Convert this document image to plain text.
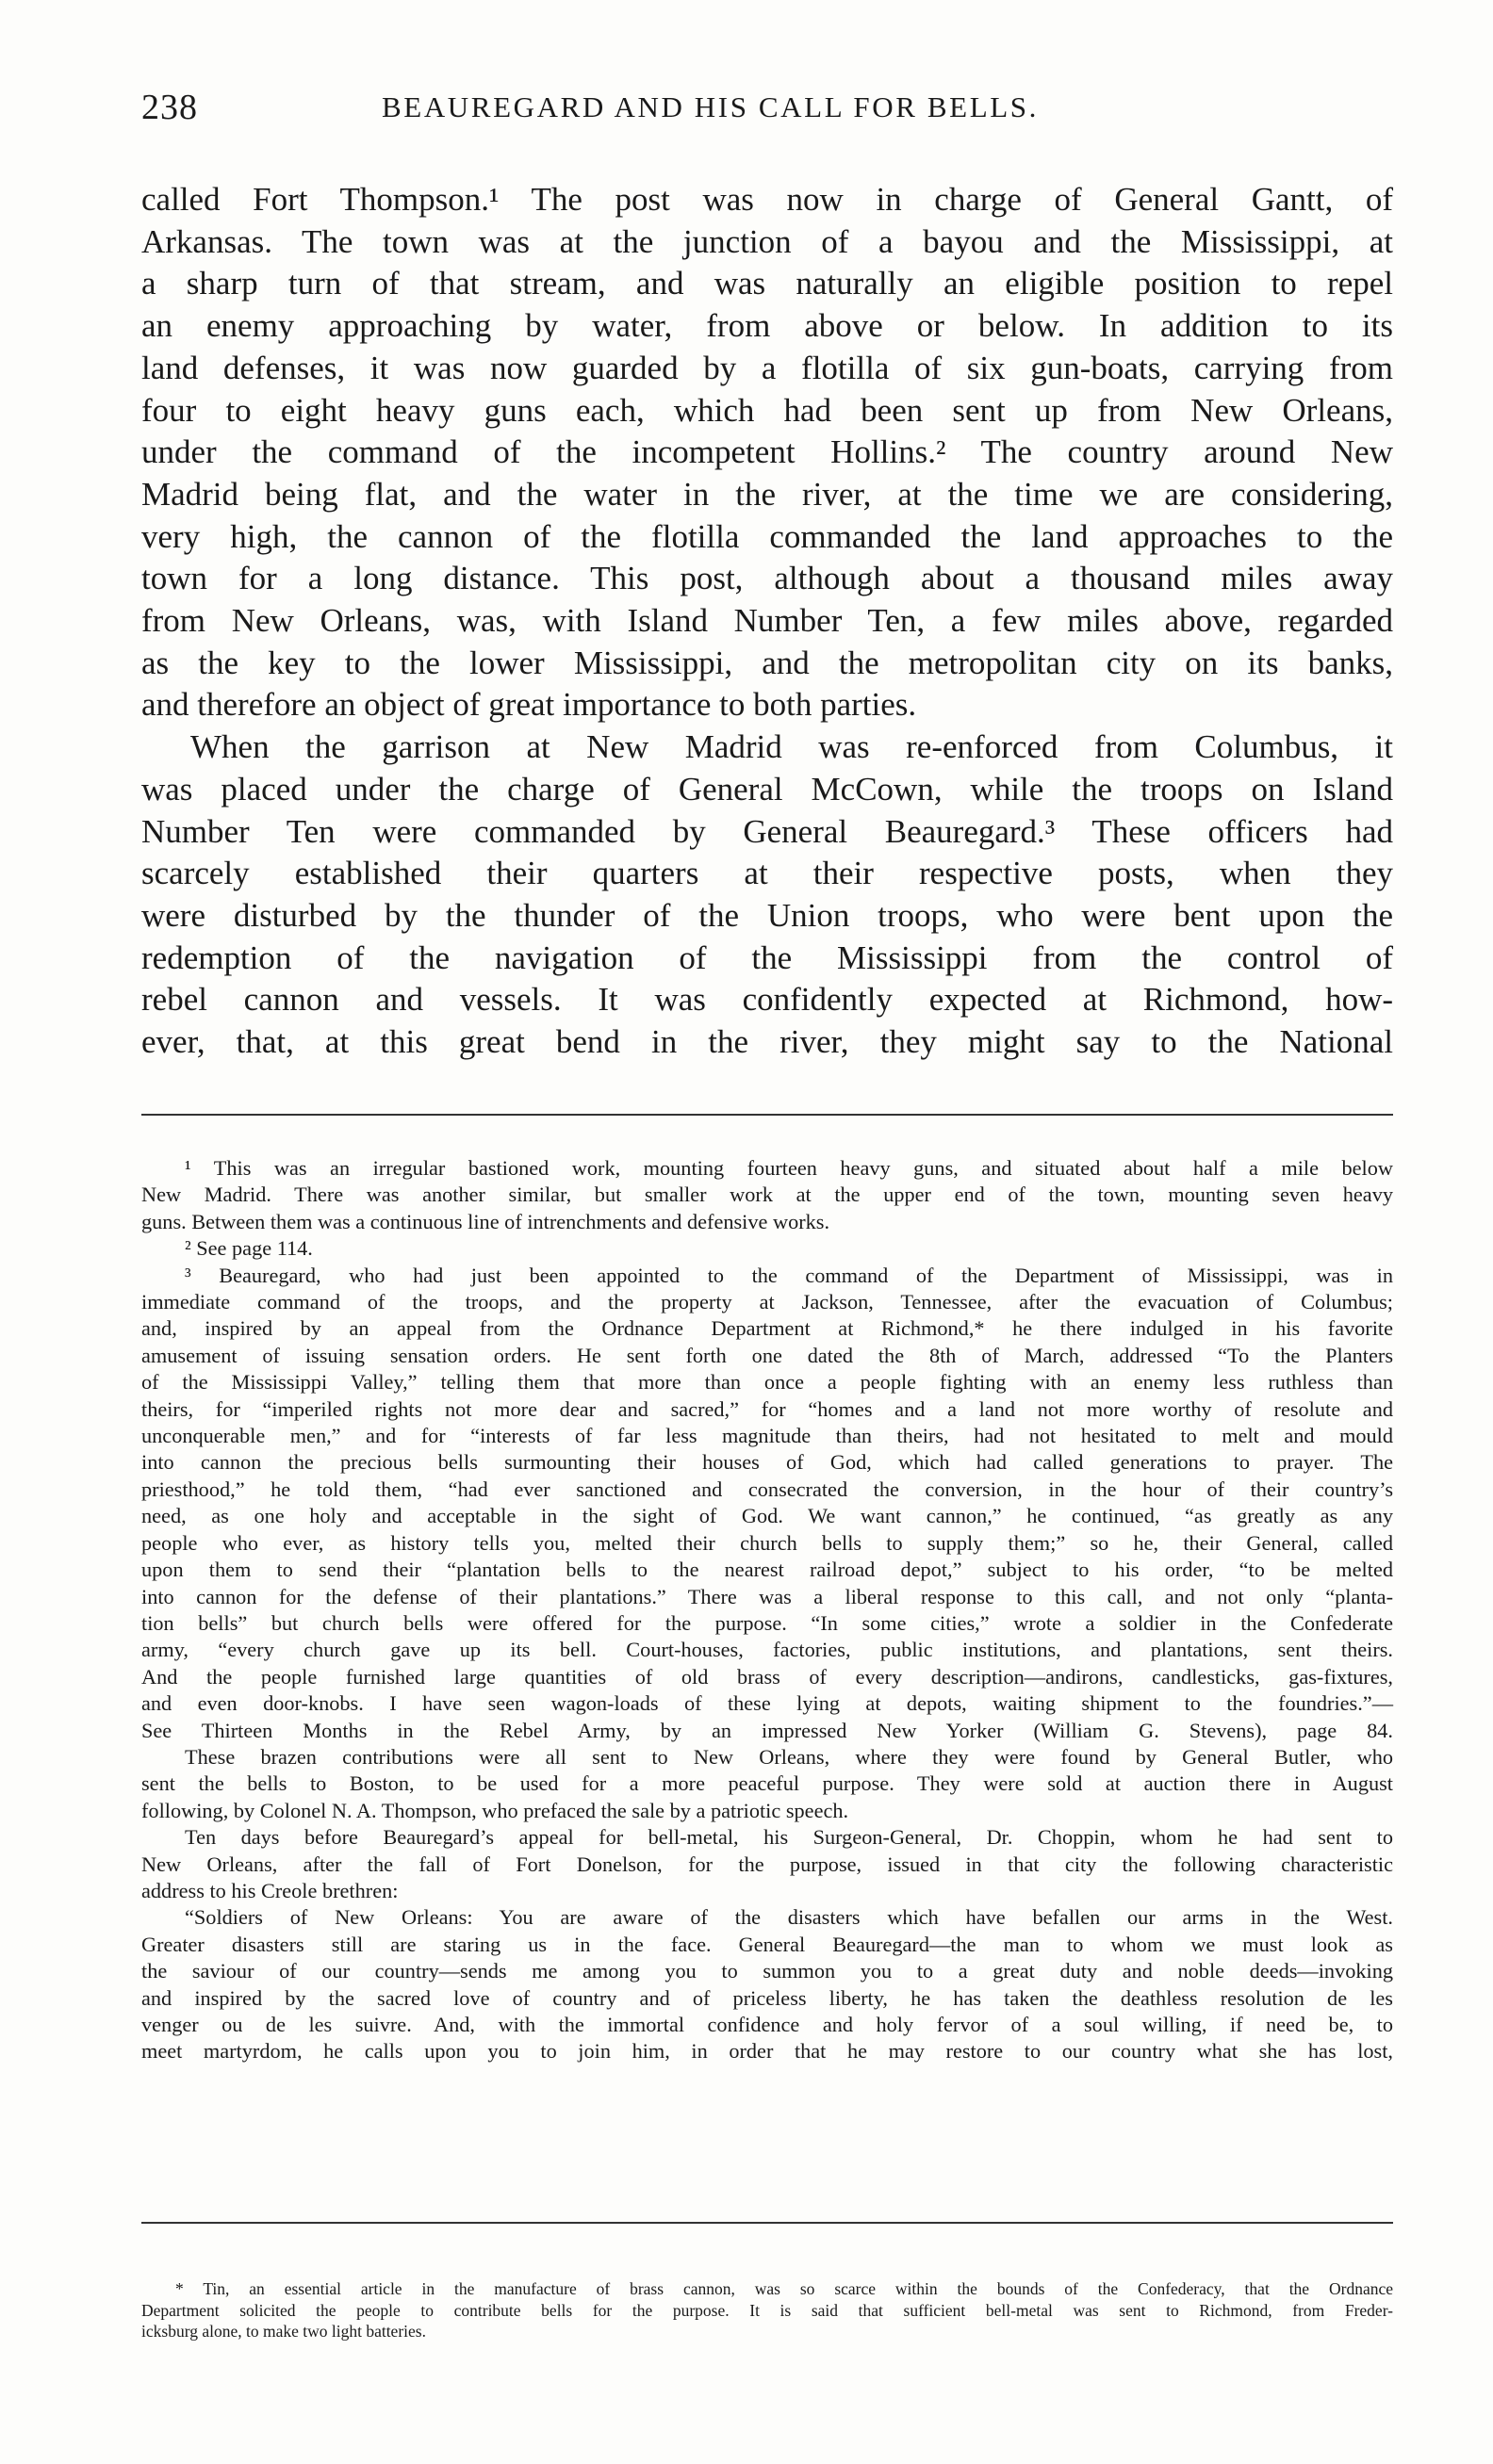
238	BEAUREGARD AND HIS CALL FOR BELLS.
called Fort Thompson.¹ The post was now in charge of General Gantt, of
Arkansas. The town was at the junction of a bayou and the Mississippi, at
a sharp turn of that stream, and was naturally an eligible position to repel
an enemy approaching by water, from above or below. In addition to its
land defenses, it was now guarded by a flotilla of six gun-boats, carrying from
four to eight heavy guns each, which had been sent up from New Orleans,
under the command of the incompetent Hollins.² The country around New
Madrid being flat, and the water in the river, at the time we are considering,
very high, the cannon of the flotilla commanded the land approaches to the
town for a long distance. This post, although about a thousand miles away
from New Orleans, was, with Island Number Ten, a few miles above, regarded
as the key to the lower Mississippi, and the metropolitan city on its banks,
and therefore an object of great importance to both parties.
When the garrison at New Madrid was re-enforced from Columbus, it
was placed under the charge of General McCown, while the troops on Island
Number Ten were commanded by General Beauregard.³ These officers had
scarcely established their quarters at their respective posts, when they
were disturbed by the thunder of the Union troops, who were bent upon the
redemption of the navigation of the Mississippi from the control of
rebel cannon and vessels. It was confidently expected at Richmond, how-
ever, that, at this great bend in the river, they might say to the National
¹ This was an irregular bastioned work, mounting fourteen heavy guns, and situated about half a mile below
New Madrid. There was another similar, but smaller work at the upper end of the town, mounting seven heavy
guns. Between them was a continuous line of intrenchments and defensive works.
² See page 114.
³ Beauregard, who had just been appointed to the command of the Department of Mississippi, was in
immediate command of the troops, and the property at Jackson, Tennessee, after the evacuation of Columbus;
and, inspired by an appeal from the Ordnance Department at Richmond,* he there indulged in his favorite
amusement of issuing sensation orders. He sent forth one dated the 8th of March, addressed “To the Planters
of the Mississippi Valley,” telling them that more than once a people fighting with an enemy less ruthless than
theirs, for “imperiled rights not more dear and sacred,” for “homes and a land not more worthy of resolute and
unconquerable men,” and for “interests of far less magnitude than theirs, had not hesitated to melt and mould
into cannon the precious bells surmounting their houses of God, which had called generations to prayer. The
priesthood,” he told them, “had ever sanctioned and consecrated the conversion, in the hour of their country’s
need, as one holy and acceptable in the sight of God. We want cannon,” he continued, “as greatly as any
people who ever, as history tells you, melted their church bells to supply them;” so he, their General, called
upon them to send their “plantation bells to the nearest railroad depot,” subject to his order, “to be melted
into cannon for the defense of their plantations.” There was a liberal response to this call, and not only “planta-
tion bells” but church bells were offered for the purpose. “In some cities,” wrote a soldier in the Confederate
army, “every church gave up its bell. Court-houses, factories, public institutions, and plantations, sent theirs.
And the people furnished large quantities of old brass of every description—andirons, candlesticks, gas-fixtures,
and even door-knobs. I have seen wagon-loads of these lying at depots, waiting shipment to the foundries.”—
See Thirteen Months in the Rebel Army, by an impressed New Yorker (William G. Stevens), page 84.
These brazen contributions were all sent to New Orleans, where they were found by General Butler, who
sent the bells to Boston, to be used for a more peaceful purpose. They were sold at auction there in August
following, by Colonel N. A. Thompson, who prefaced the sale by a patriotic speech.
Ten days before Beauregard’s appeal for bell-metal, his Surgeon-General, Dr. Choppin, whom he had sent to
New Orleans, after the fall of Fort Donelson, for the purpose, issued in that city the following characteristic
address to his Creole brethren:
“Soldiers of New Orleans: You are aware of the disasters which have befallen our arms in the West.
Greater disasters still are staring us in the face. General Beauregard—the man to whom we must look as
the saviour of our country—sends me among you to summon you to a great duty and noble deeds—invoking
and inspired by the sacred love of country and of priceless liberty, he has taken the deathless resolution de les
venger ou de les suivre. And, with the immortal confidence and holy fervor of a soul willing, if need be, to
meet martyrdom, he calls upon you to join him, in order that he may restore to our country what she has lost,
* Tin, an essential article in the manufacture of brass cannon, was so scarce within the bounds of the Confederacy, that the Ordnance
Department solicited the people to contribute bells for the purpose. It is said that sufficient bell-metal was sent to Richmond, from Freder-
icksburg alone, to make two light batteries.
